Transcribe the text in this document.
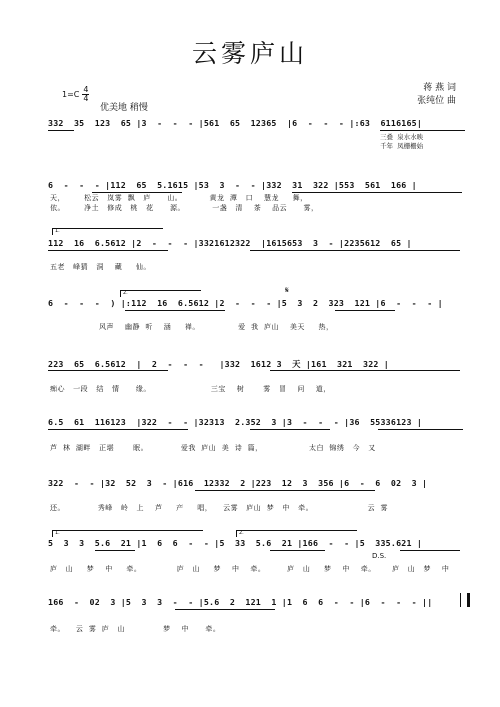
云雾庐山
蒋 燕 词
张纯位 曲
$1=C \frac{4}{4}$
优美地 稍慢
332  35  123  65 |3  -  -  - |561  65  12365  |6  -  -  - |:63  6116165|
三叠  泉水水映
千年  凤栅栅始
6  -  -  - |112  65  5.1615 |53  3  -  - |332  31  322 |553  561  166 |
天，       松云   岚雾  飘   庐      山。          黄龙  潭   口    慧龙     舞，
依。       净土   修成   桃   花      源。          一盏   清    茶    品云      雾，
1.
112  16  6.5612 |2  -  -  - |3321612322  |1615653  3  - |2235612  65 |
五老   峰猜   洞    藏     仙。
𝄋
2.
6  -  -  -  ) |:112  16  6.5612 |2  -  -  - |5  3  2  323  121 |6  -  -  - |
风声    幽静  听    涵     禅。              爱  我  庐山    美天     热，
223  65  6.5612  |  2  -  -  -   |332  1612 3  天 |161  321  322 |
痴心   一段   结   情      缘。                      三宝    树       雾   冒    问    道，
6.5  61  116123  |322  -  - |32313  2.352  3 |3  -  -  - |36  55336123 |
芦  林  湖畔   正堪       眠。            爱我  庐山  美  诗  篇，                 太白  锦绣   今   又
322  -  - |32  52  3  - |616  12332  2 |223  12  3  356 |6  -  6  02  3 |
还。            秀峰   岭   上    芦     产     唱，    云雾   庐山  梦   中   牵。                    云  雾
1.	2.
5  3  3  5.6  21 |1  6  6  -  - |5  33  5.6  21 |166  -  - |5  335.621 |
D.S.
庐   山     梦    中     牵。             庐   山     梦    中    牵。        庐   山     梦    中    牵。      庐   山   梦    中
166  -  02  3 |5  3  3  -  - |5.6  2  121  1 |1  6  6  -  - |6  -  -  - ||
牵。    云  雾  庐   山              梦    中      牵。
